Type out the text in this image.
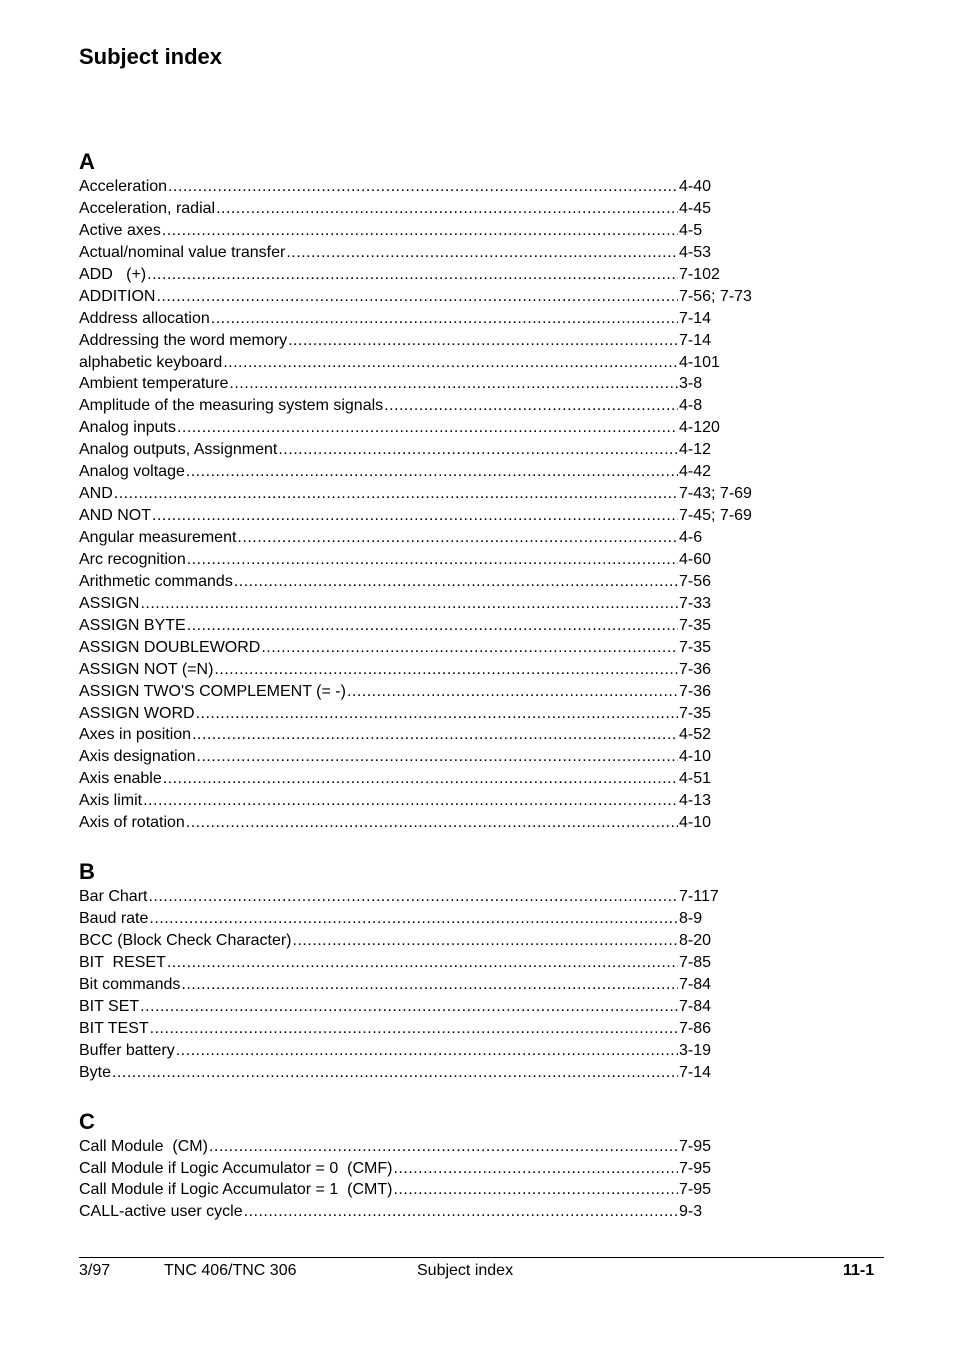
Subject index
A
Acceleration .....	4-40
Acceleration, radial .....	4-45
Active axes .....	4-5
Actual/nominal value transfer .....	4-53
ADD   (+) .....	7-102
ADDITION .....	7-56; 7-73
Address allocation .....	7-14
Addressing the word memory .....	7-14
alphabetic keyboard .....	4-101
Ambient temperature .....	3-8
Amplitude of the measuring system signals .....	4-8
Analog inputs .....	4-120
Analog outputs, Assignment .....	4-12
Analog voltage .....	4-42
AND .....	7-43; 7-69
AND NOT .....	7-45; 7-69
Angular measurement .....	4-6
Arc recognition .....	4-60
Arithmetic commands .....	7-56
ASSIGN .....	7-33
ASSIGN BYTE .....	7-35
ASSIGN DOUBLEWORD .....	7-35
ASSIGN NOT (=N) .....	7-36
ASSIGN TWO'S COMPLEMENT (= -) .....	7-36
ASSIGN WORD .....	7-35
Axes in position .....	4-52
Axis designation .....	4-10
Axis enable .....	4-51
Axis limit .....	4-13
Axis of rotation .....	4-10
B
Bar Chart .....	7-117
Baud rate .....	8-9
BCC (Block Check Character) .....	8-20
BIT  RESET .....	7-85
Bit commands .....	7-84
BIT SET .....	7-84
BIT TEST .....	7-86
Buffer battery .....	3-19
Byte .....	7-14
C
Call Module  (CM) .....	7-95
Call Module if Logic Accumulator = 0  (CMF) .....	7-95
Call Module if Logic Accumulator = 1  (CMT) .....	7-95
CALL-active user cycle .....	9-3
3/97	TNC 406/TNC 306	Subject index	11-1
